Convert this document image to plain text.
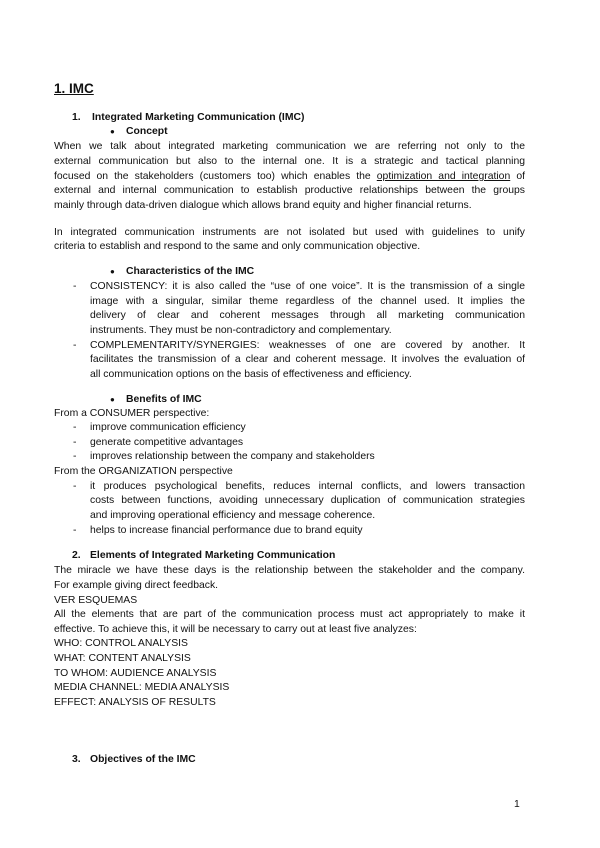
1. IMC
1. Integrated Marketing Communication (IMC)
● Concept
When we talk about integrated marketing communication we are referring not only to the
external communication but also to the internal one. It is a strategic and tactical planning
focused on the stakeholders (customers too) which enables the optimization and integration of
external and internal communication to establish productive relationships between the groups
mainly through data-driven dialogue which allows brand equity and higher financial returns.
In integrated communication instruments are not isolated but used with guidelines to unify
criteria to establish and respond to the same and only communication objective.
● Characteristics of the IMC
- CONSISTENCY: it is also called the “use of one voice”. It is the transmission of a single
image with a singular, similar theme regardless of the channel used. It implies the
delivery of clear and coherent messages through all marketing communication
instruments. They must be non-contradictory and complementary.
- COMPLEMENTARITY/SYNERGIES: weaknesses of one are covered by another. It
facilitates the transmission of a clear and coherent message. It involves the evaluation of
all communication options on the basis of effectiveness and efficiency.
● Benefits of IMC
From a CONSUMER perspective:
- improve communication efficiency
- generate competitive advantages
- improves relationship between the company and stakeholders
From the ORGANIZATION perspective
- it produces psychological benefits, reduces internal conflicts, and lowers transaction
costs between functions, avoiding unnecessary duplication of communication strategies
and improving operational efficiency and message coherence.
- helps to increase financial performance due to brand equity
2. Elements of Integrated Marketing Communication
The miracle we have these days is the relationship between the stakeholder and the company.
For example giving direct feedback.
VER ESQUEMAS
All the elements that are part of the communication process must act appropriately to make it
effective. To achieve this, it will be necessary to carry out at least five analyzes:
WHO: CONTROL ANALYSIS
WHAT: CONTENT ANALYSIS
TO WHOM: AUDIENCE ANALYSIS
MEDIA CHANNEL: MEDIA ANALYSIS
EFFECT: ANALYSIS OF RESULTS
3. Objectives of the IMC
1
